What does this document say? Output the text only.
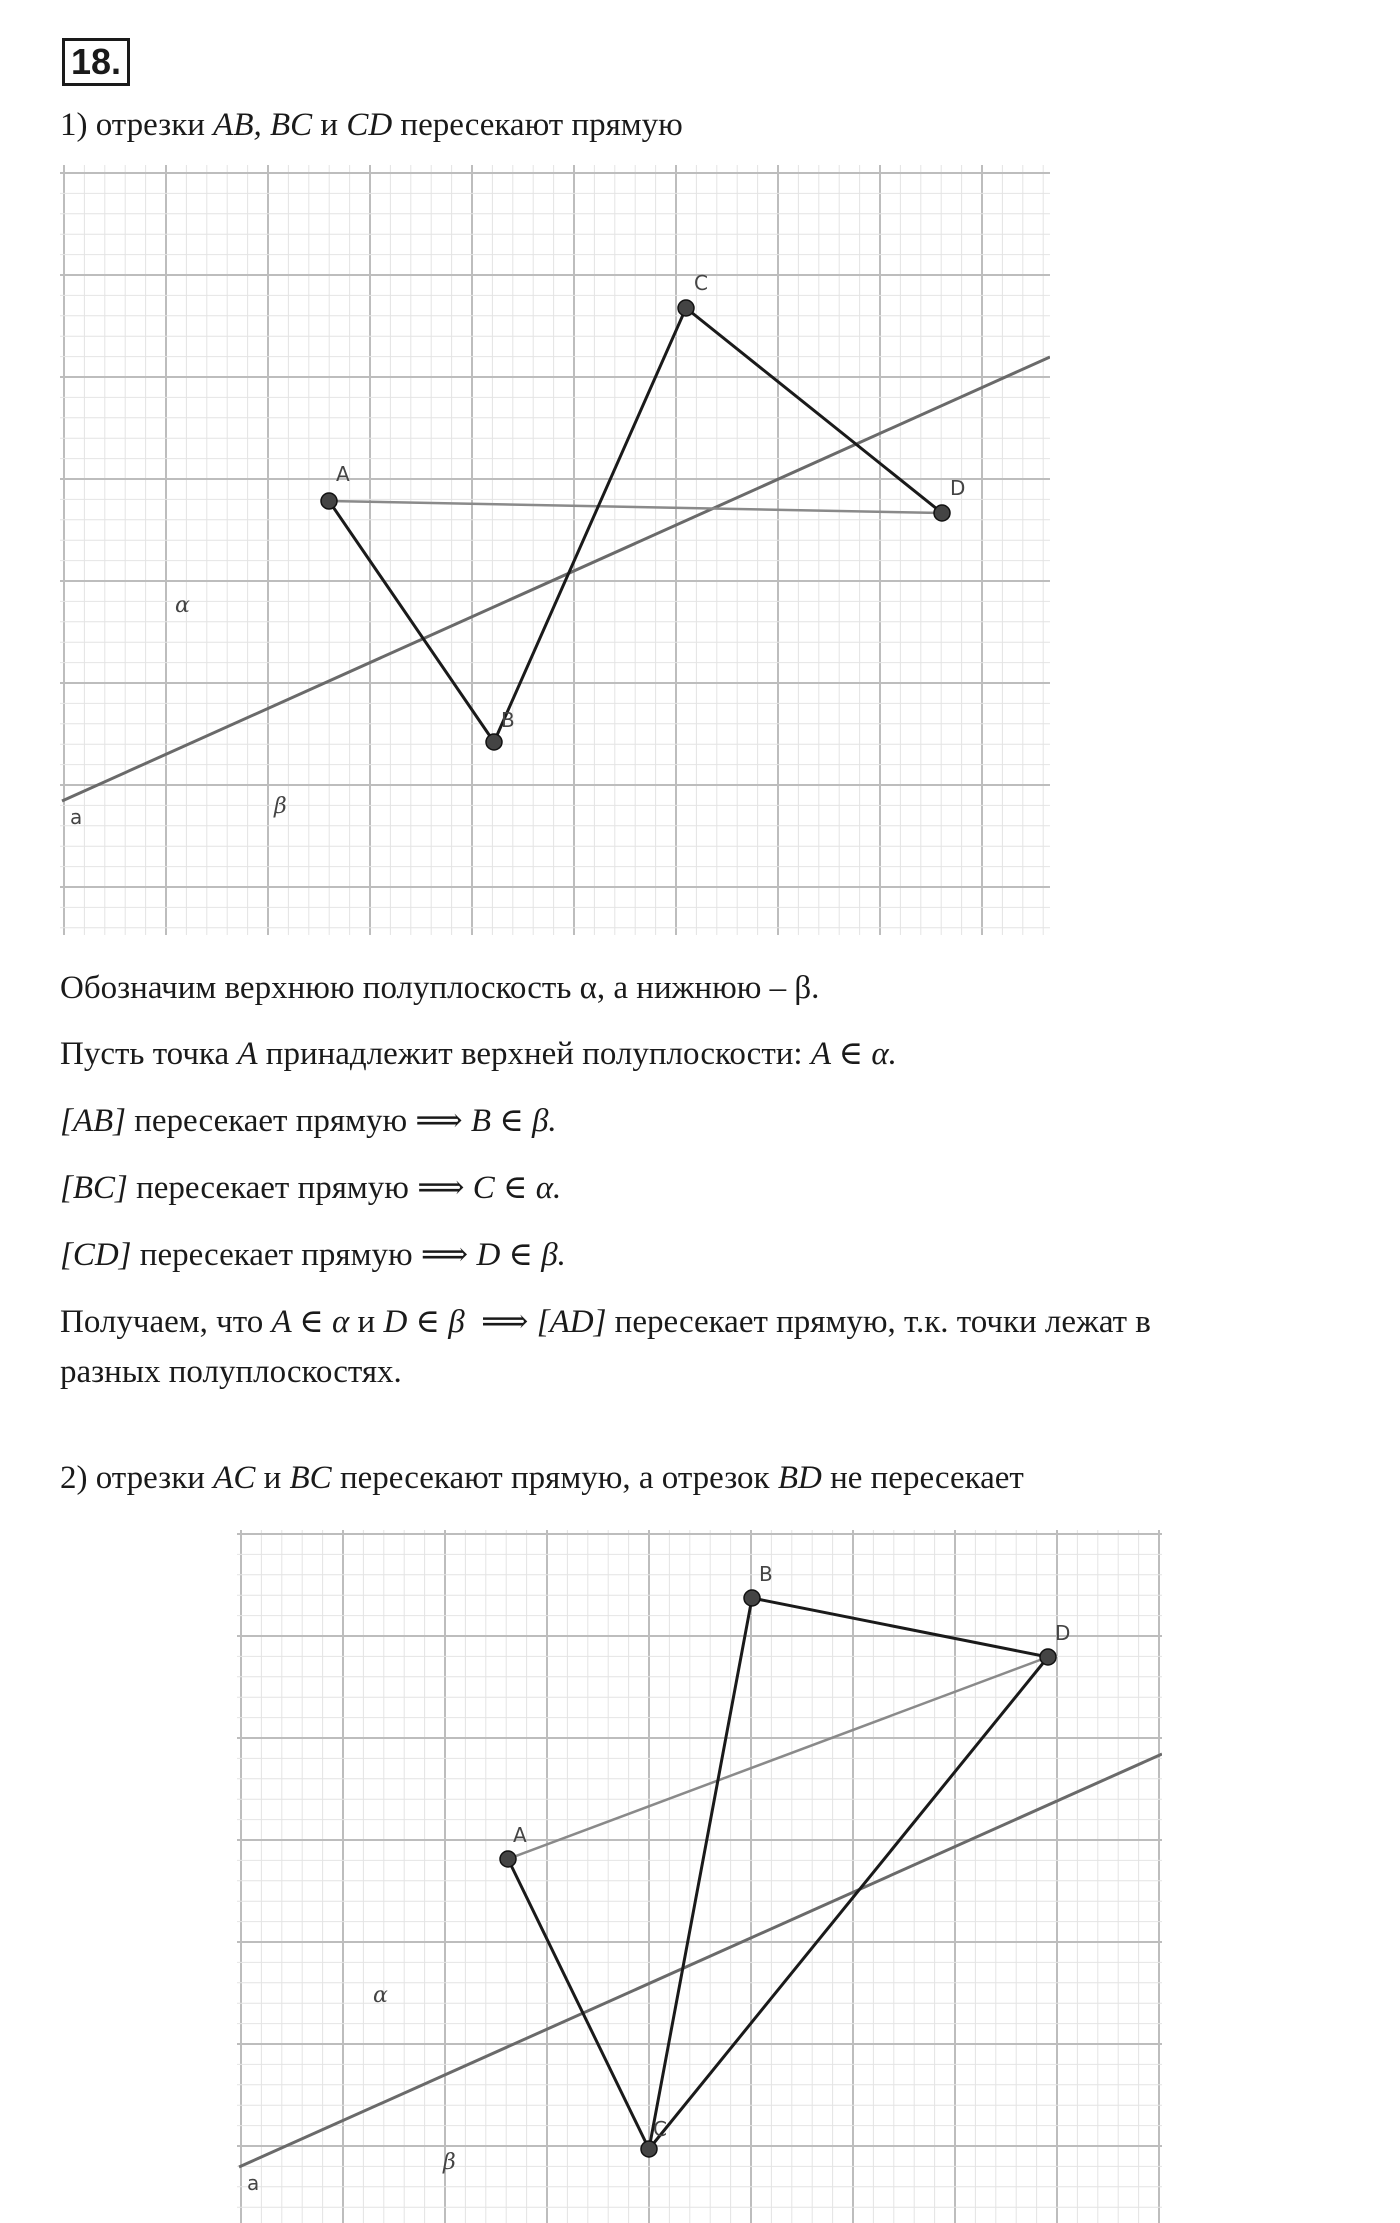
18.
1) отрезки AB, BC и CD пересекают прямую
A
B
C
D
a
α
β
Обозначим верхнюю полуплоскость α, а нижнюю – β.
Пусть точка A принадлежит верхней полуплоскости: A ∈ α.
[AB] пересекает прямую ⟹ B ∈ β.
[BC] пересекает прямую ⟹ C ∈ α.
[CD] пересекает прямую ⟹ D ∈ β.
Получаем, что A ∈ α и D ∈ β  ⟹ [AD] пересекает прямую, т.к. точки лежат в
разных полуплоскостях.
2) отрезки AC и BC пересекают прямую, а отрезок BD не пересекает
B
D
A
C
a
α
β
